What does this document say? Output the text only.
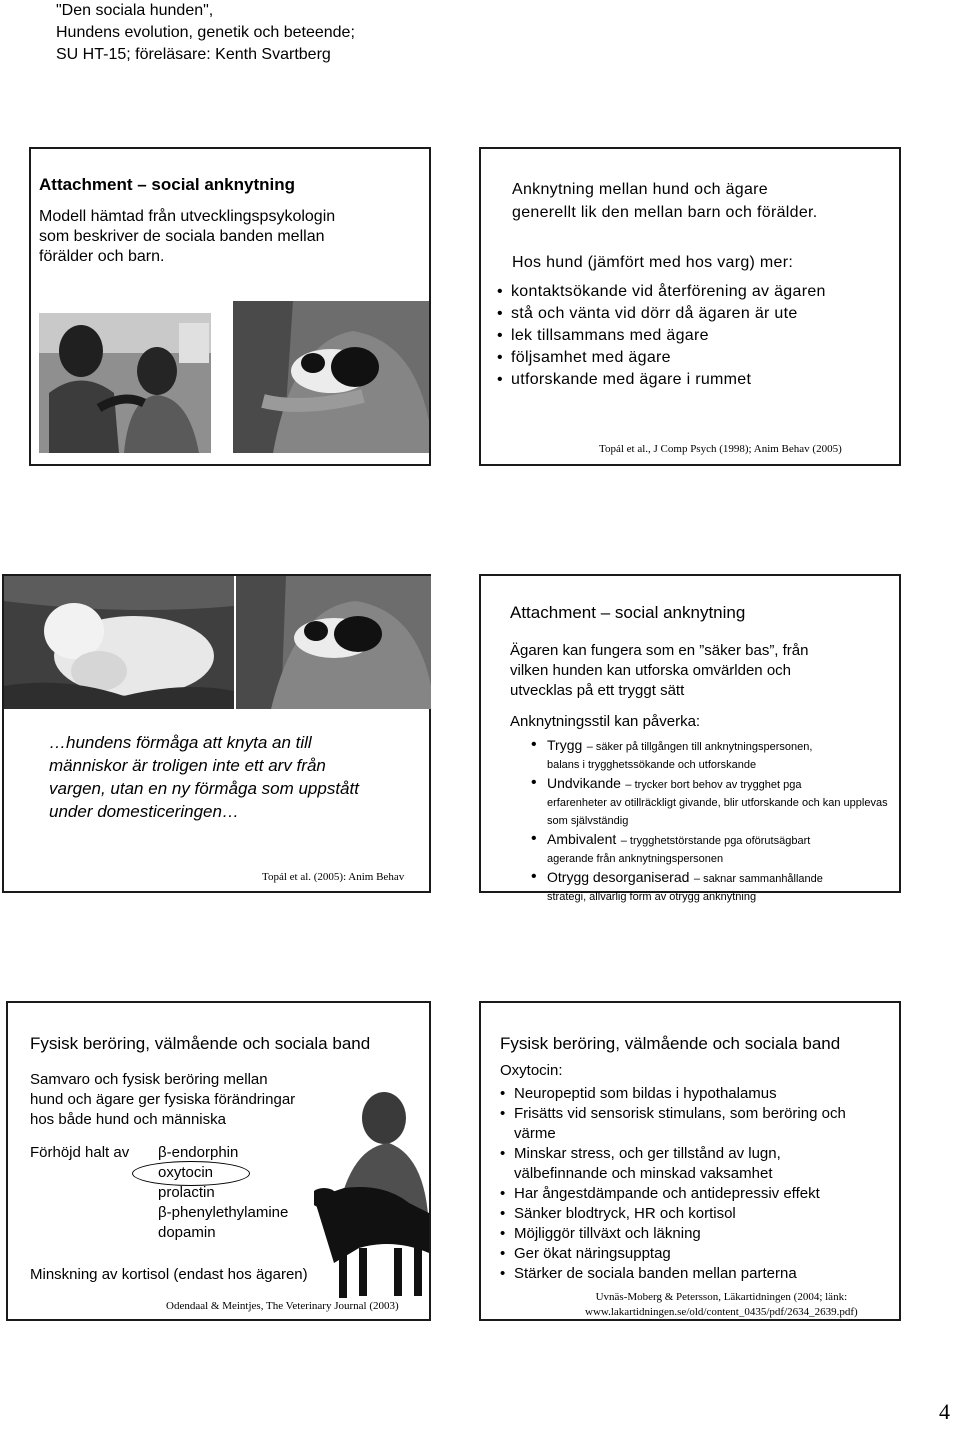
"Den sociala hunden",
Hundens evolution, genetik och beteende;
SU HT-15; föreläsare: Kenth Svartberg
Attachment – social anknytning
Modell hämtad från utvecklingspsykologin
som beskriver de sociala banden mellan
förälder och barn.
Anknytning mellan hund och ägare
generellt lik den mellan barn och förälder.
Hos hund (jämfört med hos varg) mer:
• kontaktsökande vid återförening av ägaren
• stå och vänta vid dörr då ägaren är ute
• lek tillsammans med ägare
• följsamhet med ägare
• utforskande med ägare i rummet
Topál et al., J Comp Psych (1998); Anim Behav (2005)
…hundens förmåga att knyta an till
människor är troligen inte ett arv från
vargen, utan en ny förmåga som uppstått
under domesticeringen…
Topál et al. (2005): Anim Behav
Attachment – social anknytning
Ägaren kan fungera som en ”säker bas”, från
vilken hunden kan utforska omvärlden och
utvecklas på ett tryggt sätt
Anknytningsstil kan påverka:
• Trygg – säker på tillgången till anknytningspersonen,
balans i trygghetssökande och utforskande
• Undvikande – trycker bort behov av trygghet pga
erfarenheter av otillräckligt givande, blir utforskande och kan upplevas som självständig
• Ambivalent – trygghetstörstande pga oförutsägbart
agerande från anknytningspersonen
• Otrygg desorganiserad – saknar sammanhållande
strategi, allvarlig form av otrygg anknytning
Fysisk beröring, välmående och sociala band
Samvaro och fysisk beröring mellan
hund och ägare ger fysiska förändringar
hos både hund och människa
Förhöjd halt av β-endorphin
oxytocin
prolactin
β-phenylethylamine
dopamin
Minskning av kortisol (endast hos ägaren)
Odendaal & Meintjes, The Veterinary Journal (2003)
Fysisk beröring, välmående och sociala band
Oxytocin:
• Neuropeptid som bildas i hypothalamus
• Frisätts vid sensorisk stimulans, som beröring och värme
• Minskar stress, och ger tillstånd av lugn, välbefinnande och minskad vaksamhet
• Har ångestdämpande och antidepressiv effekt
• Sänker blodtryck, HR och kortisol
• Möjliggör tillväxt och läkning
• Ger ökat näringsupptag
• Stärker de sociala banden mellan parterna
Uvnäs-Moberg & Petersson, Läkartidningen (2004; länk:
www.lakartidningen.se/old/content_0435/pdf/2634_2639.pdf)
4
